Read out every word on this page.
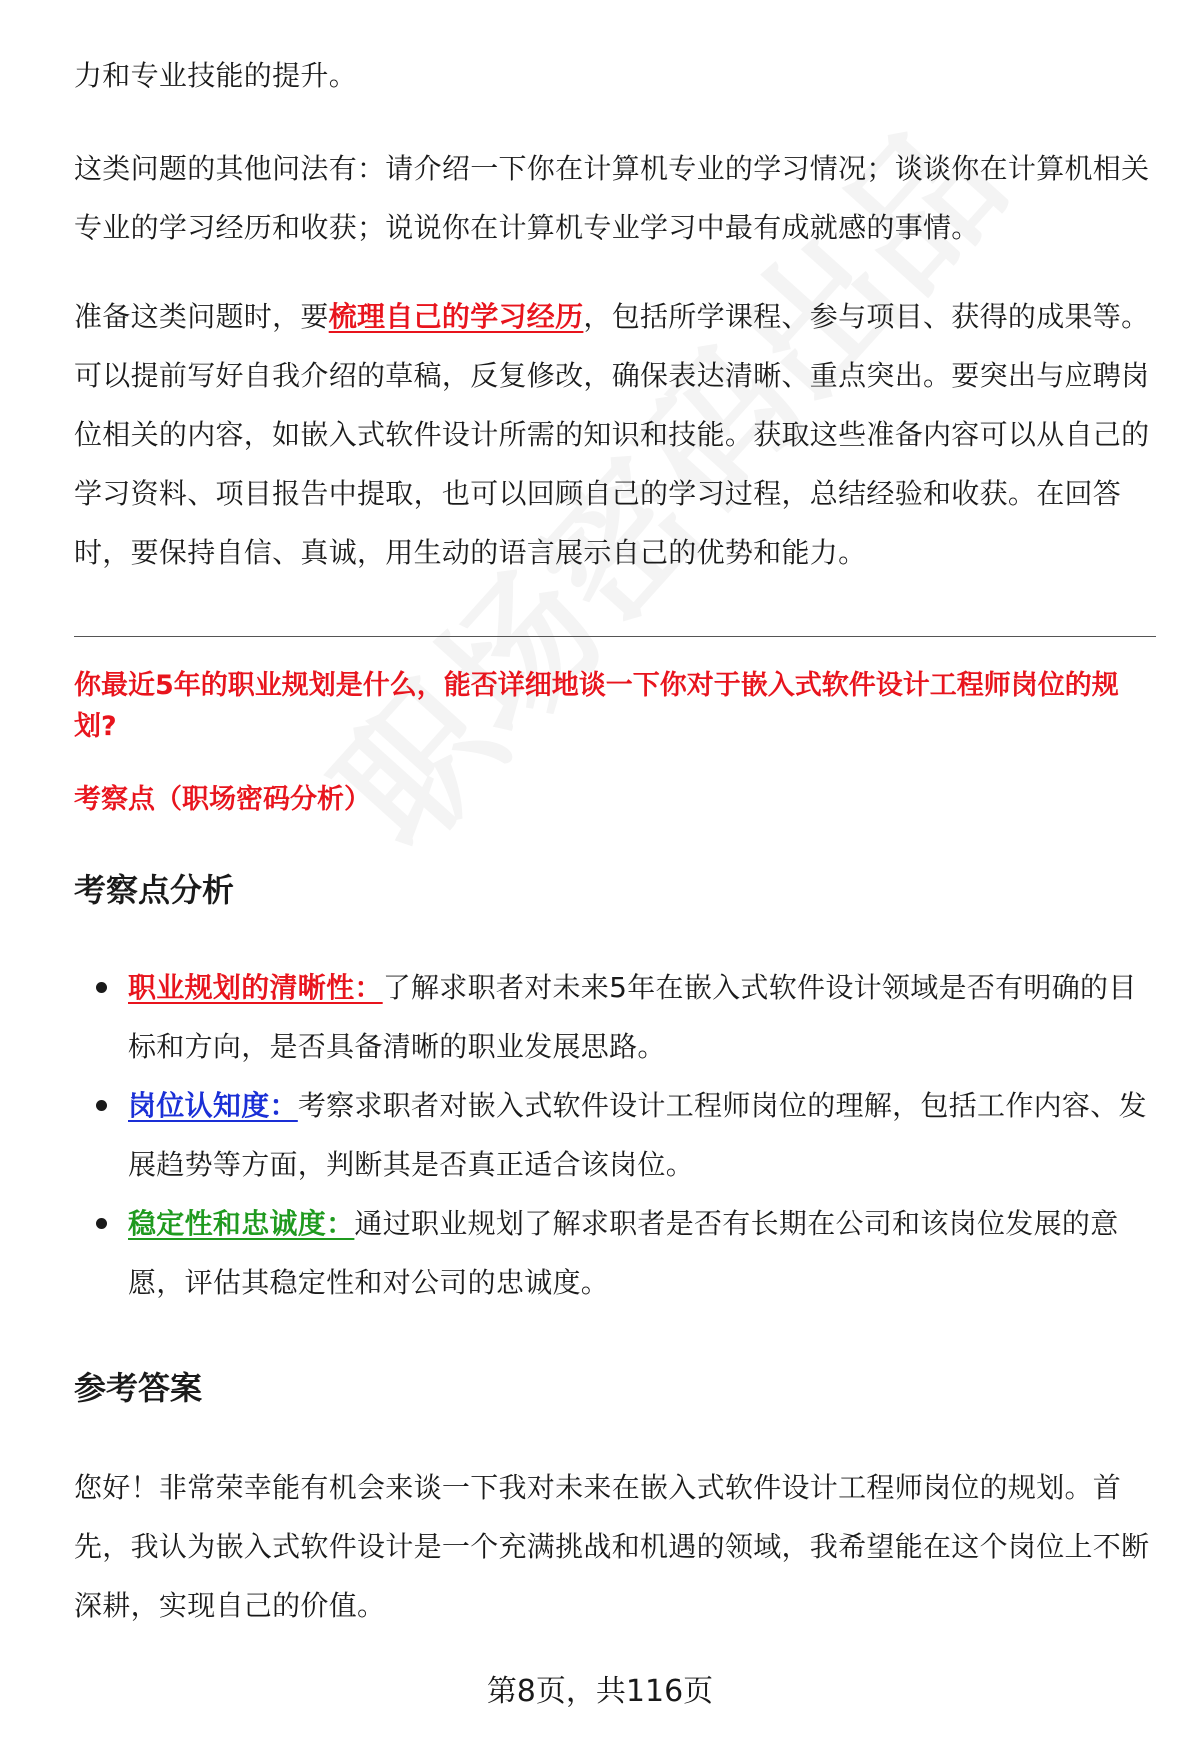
力和专业技能的提升。

这类问题的其他问法有：请介绍一下你在计算机专业的学习情况；谈谈你在计算机相关专业的学习经历和收获；说说你在计算机专业学习中最有成就感的事情。

准备这类问题时，要梳理自己的学习经历，包括所学课程、参与项目、获得的成果等。可以提前写好自我介绍的草稿，反复修改，确保表达清晰、重点突出。要突出与应聘岗位相关的内容，如嵌入式软件设计所需的知识和技能。获取这些准备内容可以从自己的学习资料、项目报告中提取，也可以回顾自己的学习过程，总结经验和收获。在回答时，要保持自信、真诚，用生动的语言展示自己的优势和能力。

你最近5年的职业规划是什么，能否详细地谈一下你对于嵌入式软件设计工程师岗位的规划?

考察点（职场密码分析）

考察点分析
职业规划的清晰性：了解求职者对未来5年在嵌入式软件设计领域是否有明确的目标和方向，是否具备清晰的职业发展思路。
岗位认知度：考察求职者对嵌入式软件设计工程师岗位的理解，包括工作内容、发展趋势等方面，判断其是否真正适合该岗位。
稳定性和忠诚度：通过职业规划了解求职者是否有长期在公司和该岗位发展的意愿，评估其稳定性和对公司的忠诚度。
参考答案

您好！非常荣幸能有机会来谈一下我对未来在嵌入式软件设计工程师岗位的规划。首先，我认为嵌入式软件设计是一个充满挑战和机遇的领域，我希望能在这个岗位上不断深耕，实现自己的价值。

第8页，共116页
